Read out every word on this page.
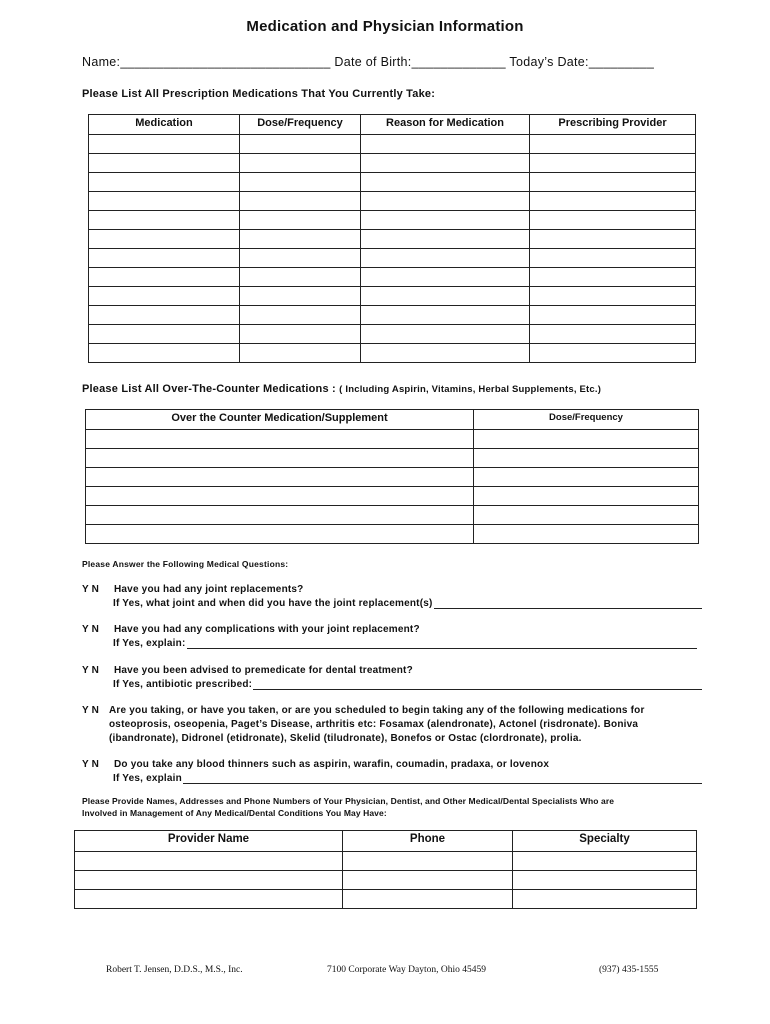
Medication and Physician Information
Name:_____________________________ Date of Birth:_____________ Today’s Date:_________
Please List All Prescription Medications That You Currently Take:
Medication	Dose/Frequency	Reason for Medication	Prescribing Provider

Please List All Over-The-Counter Medications : ( Including Aspirin, Vitamins, Herbal Supplements, Etc.)
Over the Counter Medication/Supplement	Dose/Frequency

Please Answer the Following Medical Questions:
Y N	Have you had any joint replacements?
If Yes, what joint and when did you have the joint replacement(s)
Y N	Have you had any complications with your joint replacement?
If Yes, explain:
Y N	Have you been advised to premedicate for dental treatment?
If Yes, antibiotic prescribed:
Y N Are you taking, or have you taken, or are you scheduled to begin taking any of the following medications for
osteoprosis, oseopenia, Paget’s Disease, arthritis etc: Fosamax (alendronate), Actonel (risdronate). Boniva
(ibandronate), Didronel (etidronate), Skelid (tiludronate), Bonefos or Ostac (clordronate), prolia.
Y N	Do you take any blood thinners such as aspirin, warafin, coumadin, pradaxa, or lovenox
If Yes, explain
Please Provide Names, Addresses and Phone Numbers of Your Physician, Dentist, and Other Medical/Dental Specialists Who are
Involved in Management of Any Medical/Dental Conditions You May Have:
Provider Name	Phone	Specialty

Robert T. Jensen, D.D.S., M.S., Inc.	7100 Corporate Way Dayton, Ohio 45459	(937) 435-1555
